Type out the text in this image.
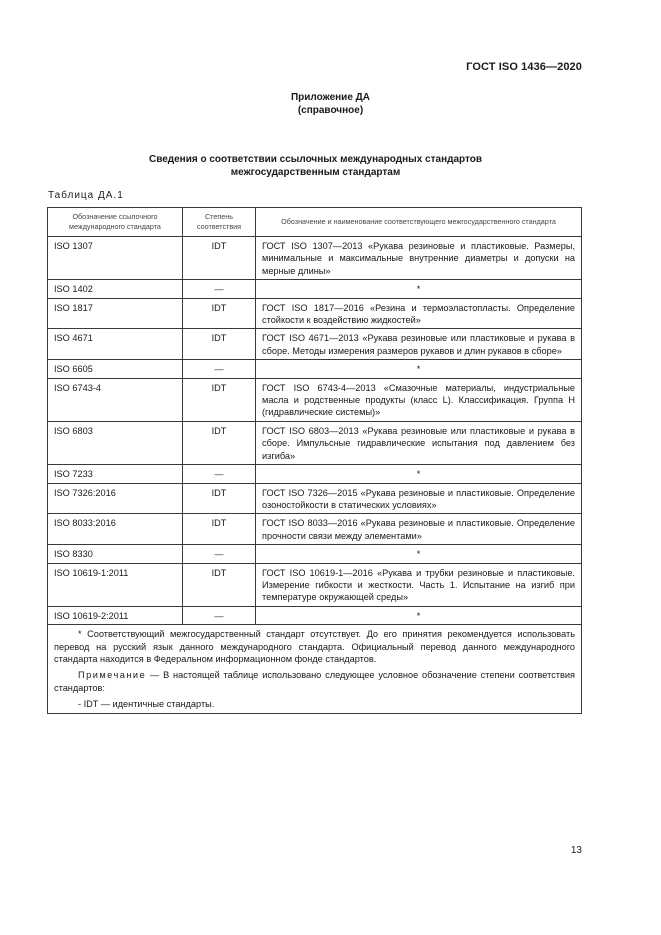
ГОСТ ISO 1436—2020
Приложение ДА
(справочное)
Сведения о соответствии ссылочных международных стандартов
межгосударственным стандартам
Таблица ДА.1
Обозначение ссылочного международного стандарта	Степень соответствия	Обозначение и наименование соответствующего межгосударственного стандарта
ISO 1307	IDT	ГОСТ ISO 1307—2013 «Рукава резиновые и пластиковые. Размеры, минимальные и максимальные внутренние диаметры и допуски на мерные длины»
ISO 1402	—	*
ISO 1817	IDT	ГОСТ ISO 1817—2016 «Резина и термоэластопласты. Определение стойкости к воздействию жидкостей»
ISO 4671	IDT	ГОСТ ISO 4671—2013 «Рукава резиновые или пластиковые и рукава в сборе. Методы измерения размеров рукавов и длин рукавов в сборе»
ISO 6605	—	*
ISO 6743-4	IDT	ГОСТ ISO 6743-4—2013 «Смазочные материалы, индустриальные масла и родственные продукты (класс L). Классификация. Группа H (гидравлические системы)»
ISO 6803	IDT	ГОСТ ISO 6803—2013 «Рукава резиновые или пластиковые и рукава в сборе. Импульсные гидравлические испытания под давлением без изгиба»
ISO 7233	—	*
ISO 7326:2016	IDT	ГОСТ ISO 7326—2015 «Рукава резиновые и пластиковые. Определение озоностойкости в статических условиях»
ISO 8033:2016	IDT	ГОСТ ISO 8033—2016 «Рукава резиновые и пластиковые. Определение прочности связи между элементами»
ISO 8330	—	*
ISO 10619-1:2011	IDT	ГОСТ ISO 10619-1—2016 «Рукава и трубки резиновые и пластиковые. Измерение гибкости и жесткости. Часть 1. Испытание на изгиб при температуре окружающей среды»
ISO 10619-2:2011	—	*

* Соответствующий межгосударственный стандарт отсутствует. До его принятия рекомендуется использовать перевод на русский язык данного международного стандарта. Официальный перевод данного международного стандарта находится в Федеральном информационном фонде стандартов.

Примечание — В настоящей таблице использовано следующее условное обозначение степени соответствия стандартов:

- IDT — идентичные стандарты.		

13
